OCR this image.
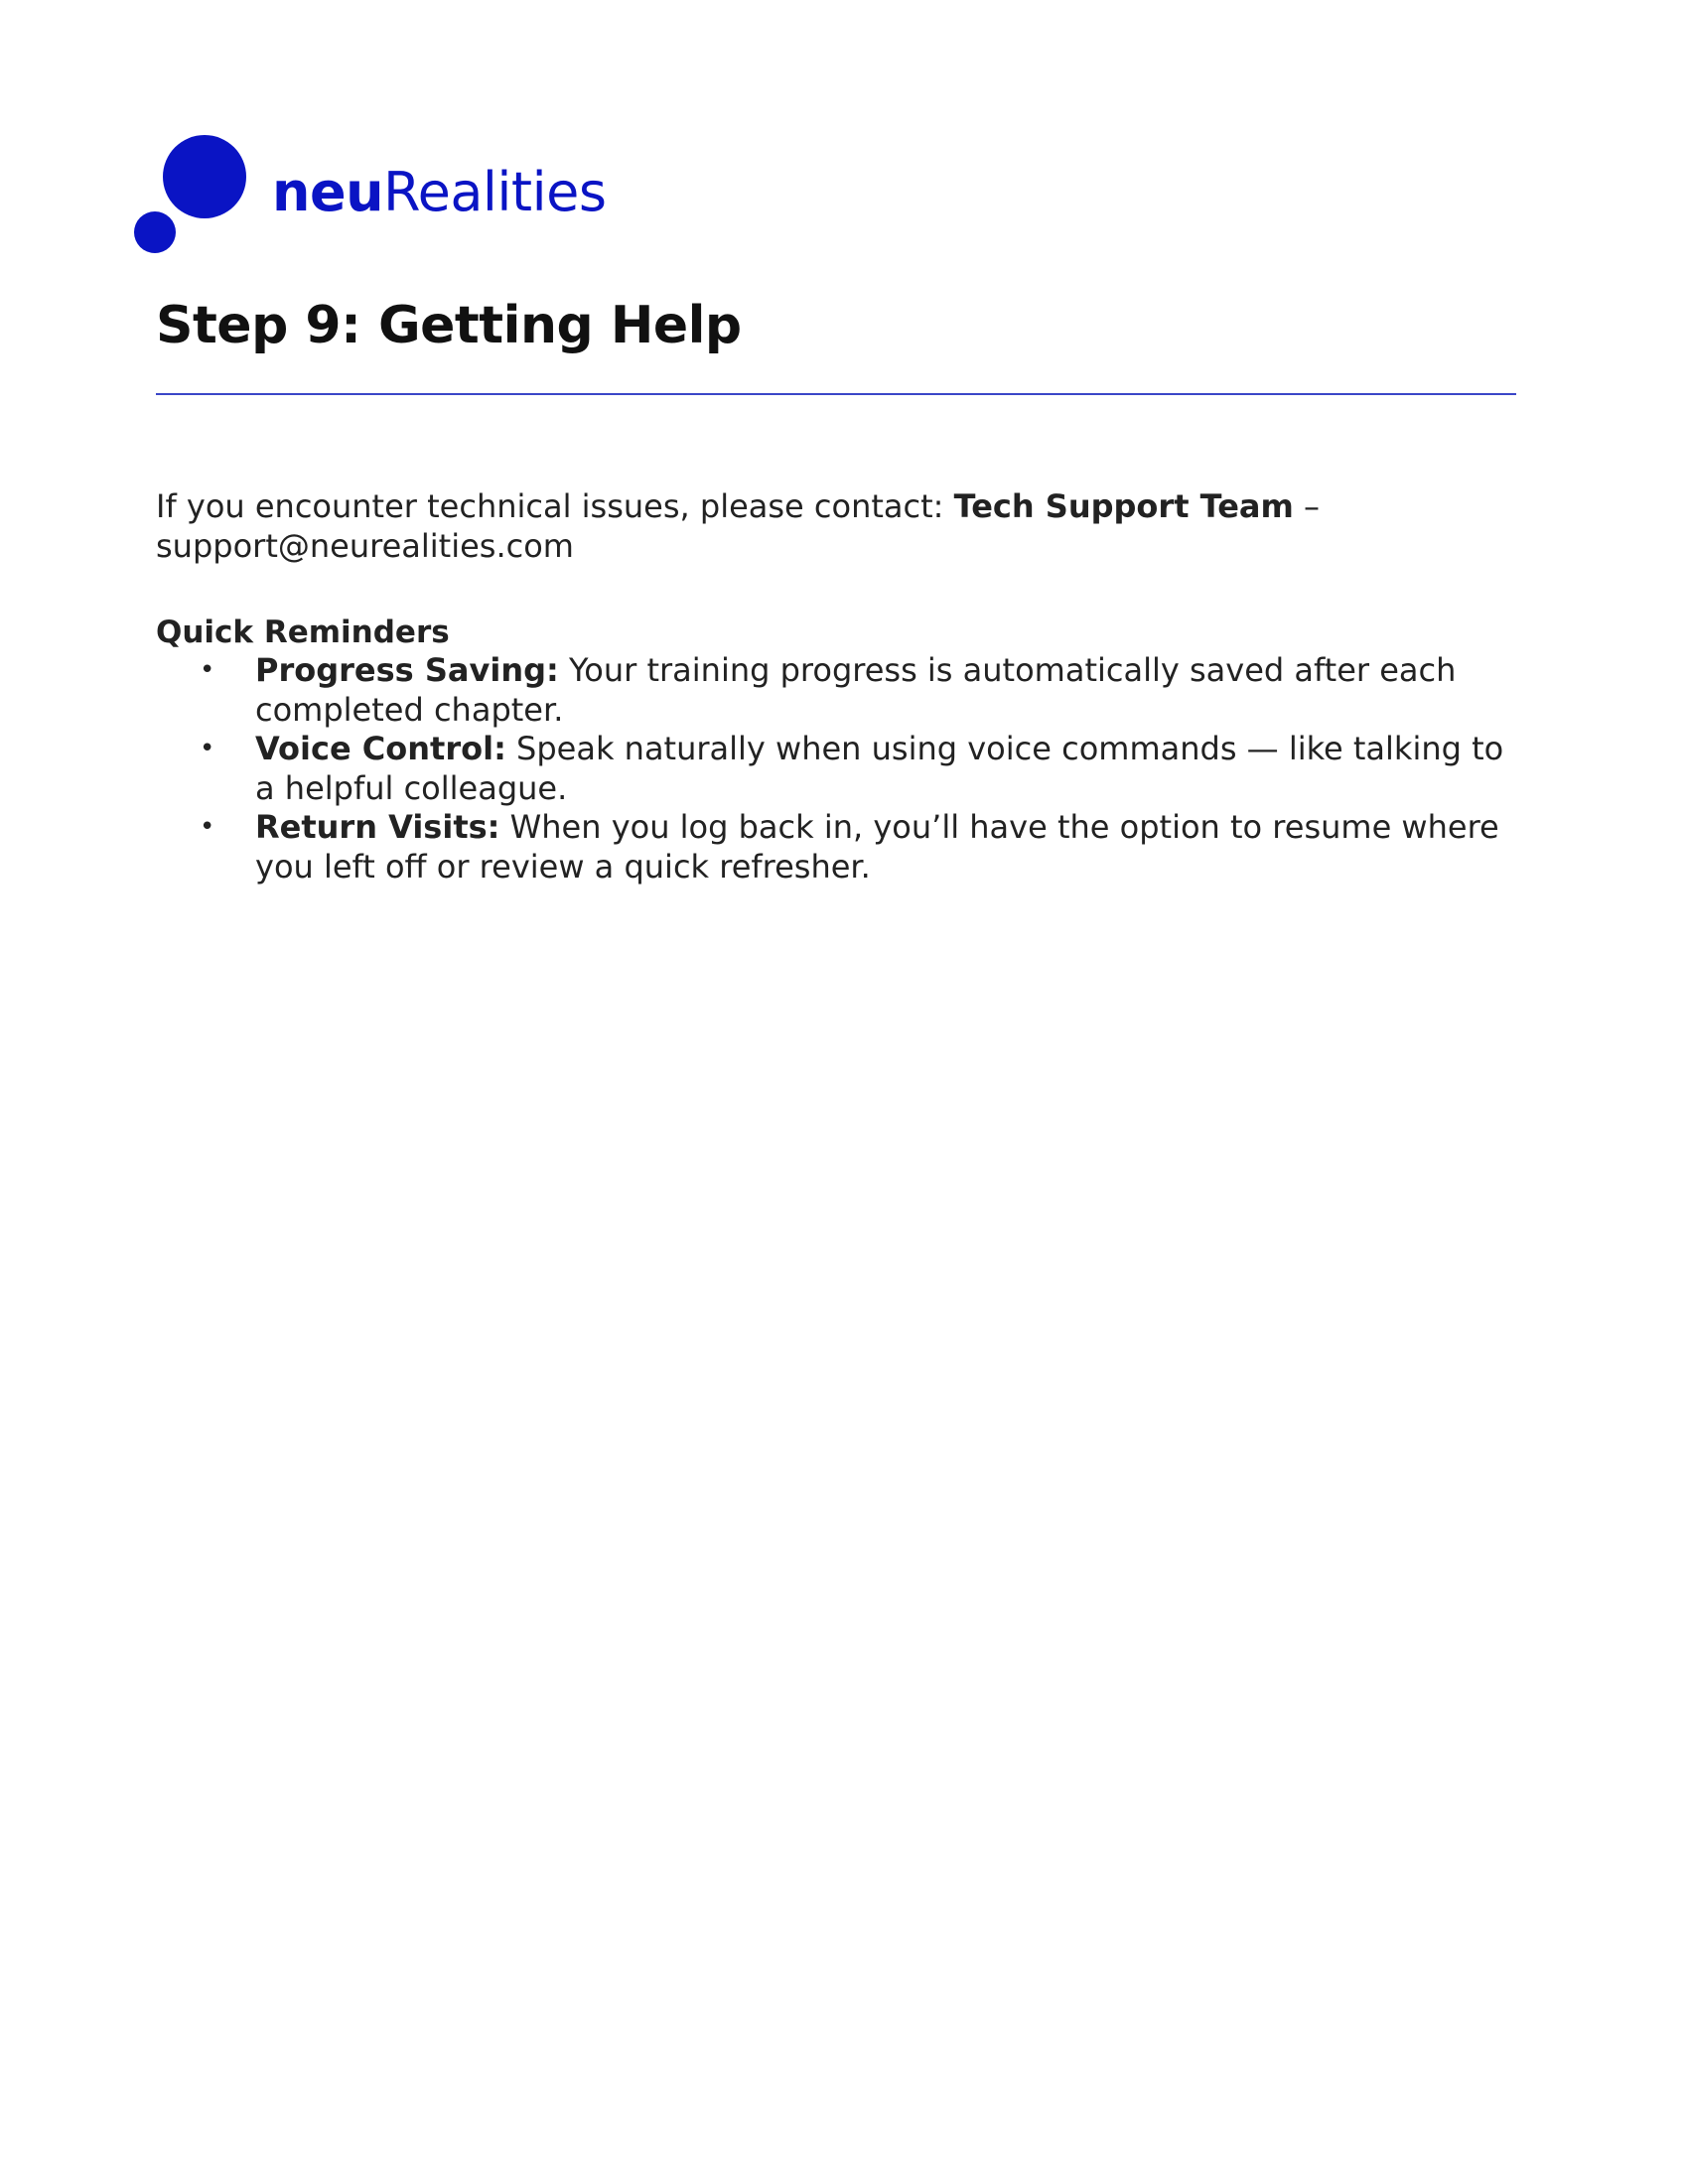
neuRealities
Step 9: Getting Help
If you encounter technical issues, please contact: Tech Support Team –
support@neurealities.com
Quick Reminders
• Progress Saving: Your training progress is automatically saved after each completed chapter.
• Voice Control: Speak naturally when using voice commands — like talking to a helpful colleague.
• Return Visits: When you log back in, you’ll have the option to resume where you left off or review a quick refresher.
